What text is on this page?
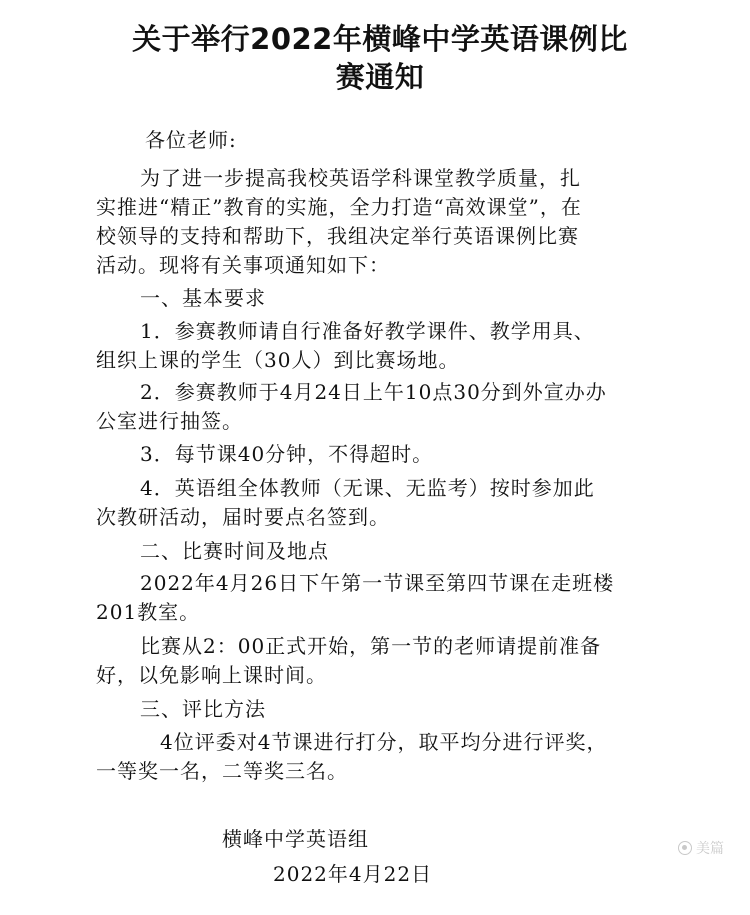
关于举行2022年横峰中学英语课例比
赛通知

各位老师:

为了进一步提高我校英语学科课堂教学质量，扎

实推进“精正”教育的实施，全力打造“高效课堂”，在

校领导的支持和帮助下，我组决定举行英语课例比赛

活动。现将有关事项通知如下：

一、基本要求

1．参赛教师请自行准备好教学课件、教学用具、

组织上课的学生（30人）到比赛场地。

2．参赛教师于4月24日上午10点30分到外宣办办

公室进行抽签。

3．每节课40分钟，不得超时。

4．英语组全体教师（无课、无监考）按时参加此

次教研活动，届时要点名签到。

二、比赛时间及地点

2022年4月26日下午第一节课至第四节课在走班楼

201教室。

比赛从2：00正式开始，第一节的老师请提前准备

好，以免影响上课时间。

三、评比方法

4位评委对4节课进行打分，取平均分进行评奖，

一等奖一名，二等奖三名。

横峰中学英语组

2022年4月22日

美篇
